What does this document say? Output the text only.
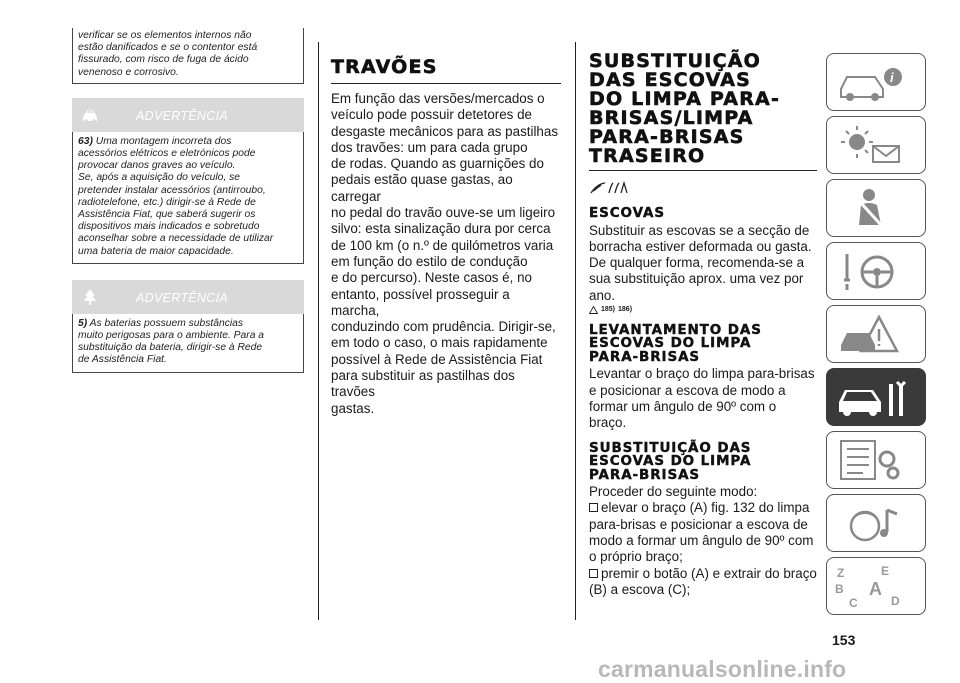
verificar se os elementos internos não
estão danificados e se o contentor está
fissurado, com risco de fuga de ácido
venenoso e corrosivo.
ADVERTÊNCIA
63) Uma montagem incorreta dos
acessórios elétricos e eletrónicos pode
provocar danos graves ao veículo.
Se, após a aquisição do veículo, se
pretender instalar acessórios (antirroubo,
radiotelefone, etc.) dirigir-se à Rede de
Assistência Fiat, que saberá sugerir os
dispositivos mais indicados e sobretudo
aconselhar sobre a necessidade de utilizar
uma bateria de maior capacidade.
ADVERTÊNCIA
5) As baterias possuem substâncias
muito perigosas para o ambiente. Para a
substituição da bateria, dirigir-se à Rede
de Assistência Fiat.
TRAVÕES
Em função das versões/mercados o
veículo pode possuir detetores de
desgaste mecânicos para as pastilhas
dos travões: um para cada grupo
de rodas. Quando as guarnições do
pedais estão quase gastas, ao carregar
no pedal do travão ouve-se um ligeiro
silvo: esta sinalização dura por cerca
de 100 km (o n.º de quilómetros varia
em função do estilo de condução
e do percurso). Neste casos é, no
entanto, possível prosseguir a marcha,
conduzindo com prudência. Dirigir-se,
em todo o caso, o mais rapidamente
possível à Rede de Assistência Fiat
para substituir as pastilhas dos travões
gastas.
SUBSTITUIÇÃO
DAS ESCOVAS
DO LIMPA PARA-
BRISAS/LIMPA
PARA-BRISAS
TRASEIRO
ESCOVAS
Substituir as escovas se a secção de
borracha estiver deformada ou gasta.
De qualquer forma, recomenda-se a
sua substituição aprox. uma vez por
ano.
185) 186)
LEVANTAMENTO DAS
ESCOVAS DO LIMPA
PARA-BRISAS
Levantar o braço do limpa para-brisas
e posicionar a escova de modo a
formar um ângulo de 90º com o braço.
SUBSTITUIÇÃO DAS
ESCOVAS DO LIMPA
PARA-BRISAS
Proceder do seguinte modo:
elevar o braço (A) fig. 132 do limpa
para-brisas e posicionar a escova de
modo a formar um ângulo de 90º com
o próprio braço;
premir o botão (A) e extrair do braço
(B) a escova (C);
i
Z	E
B A
C	D
153
carmanualsonline.info
